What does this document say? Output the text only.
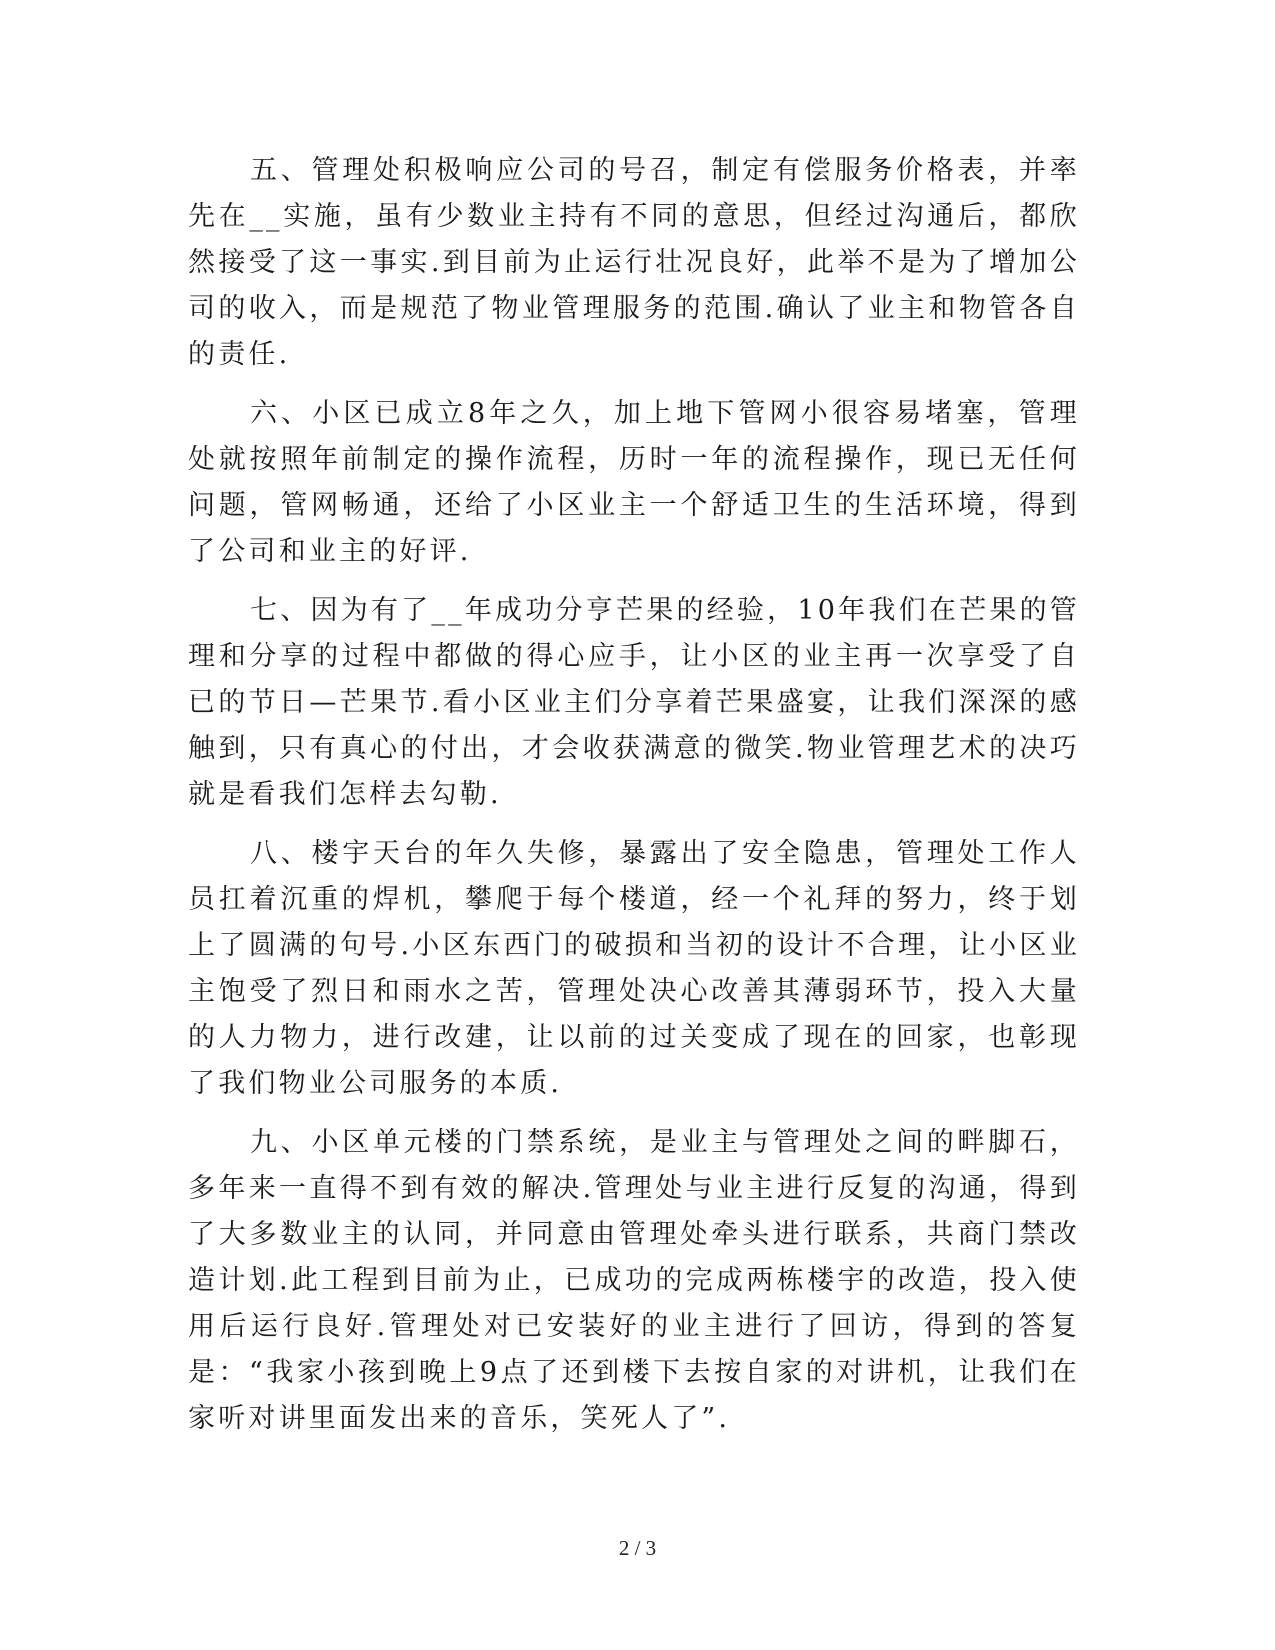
五、管理处积极响应公司的号召，制定有偿服务价格表，并率先在__实施，虽有少数业主持有不同的意思，但经过沟通后，都欣然接受了这一事实.到目前为止运行壮况良好，此举不是为了增加公司的收入，而是规范了物业管理服务的范围.确认了业主和物管各自的责任.

六、小区已成立8年之久，加上地下管网小很容易堵塞，管理处就按照年前制定的操作流程，历时一年的流程操作，现已无任何问题，管网畅通，还给了小区业主一个舒适卫生的生活环境，得到了公司和业主的好评.

七、因为有了__年成功分亨芒果的经验，10年我们在芒果的管理和分享的过程中都做的得心应手，让小区的业主再一次享受了自已的节日—芒果节.看小区业主们分享着芒果盛宴，让我们深深的感触到，只有真心的付出，才会收获满意的微笑.物业管理艺术的决巧就是看我们怎样去勾勒.

八、楼宇天台的年久失修，暴露出了安全隐患，管理处工作人员扛着沉重的焊机，攀爬于每个楼道，经一个礼拜的努力，终于划上了圆满的句号.小区东西门的破损和当初的设计不合理，让小区业主饱受了烈日和雨水之苦，管理处决心改善其薄弱环节，投入大量的人力物力，进行改建，让以前的过关变成了现在的回家，也彰现了我们物业公司服务的本质.

九、小区单元楼的门禁系统，是业主与管理处之间的畔脚石，多年来一直得不到有效的解决.管理处与业主进行反复的沟通，得到了大多数业主的认同，并同意由管理处牵头进行联系，共商门禁改造计划.此工程到目前为止，已成功的完成两栋楼宇的改造，投入使用后运行良好.管理处对已安装好的业主进行了回访，得到的答复是：“我家小孩到晚上9点了还到楼下去按自家的对讲机，让我们在家听对讲里面发出来的音乐，笑死人了”.

2 / 3
